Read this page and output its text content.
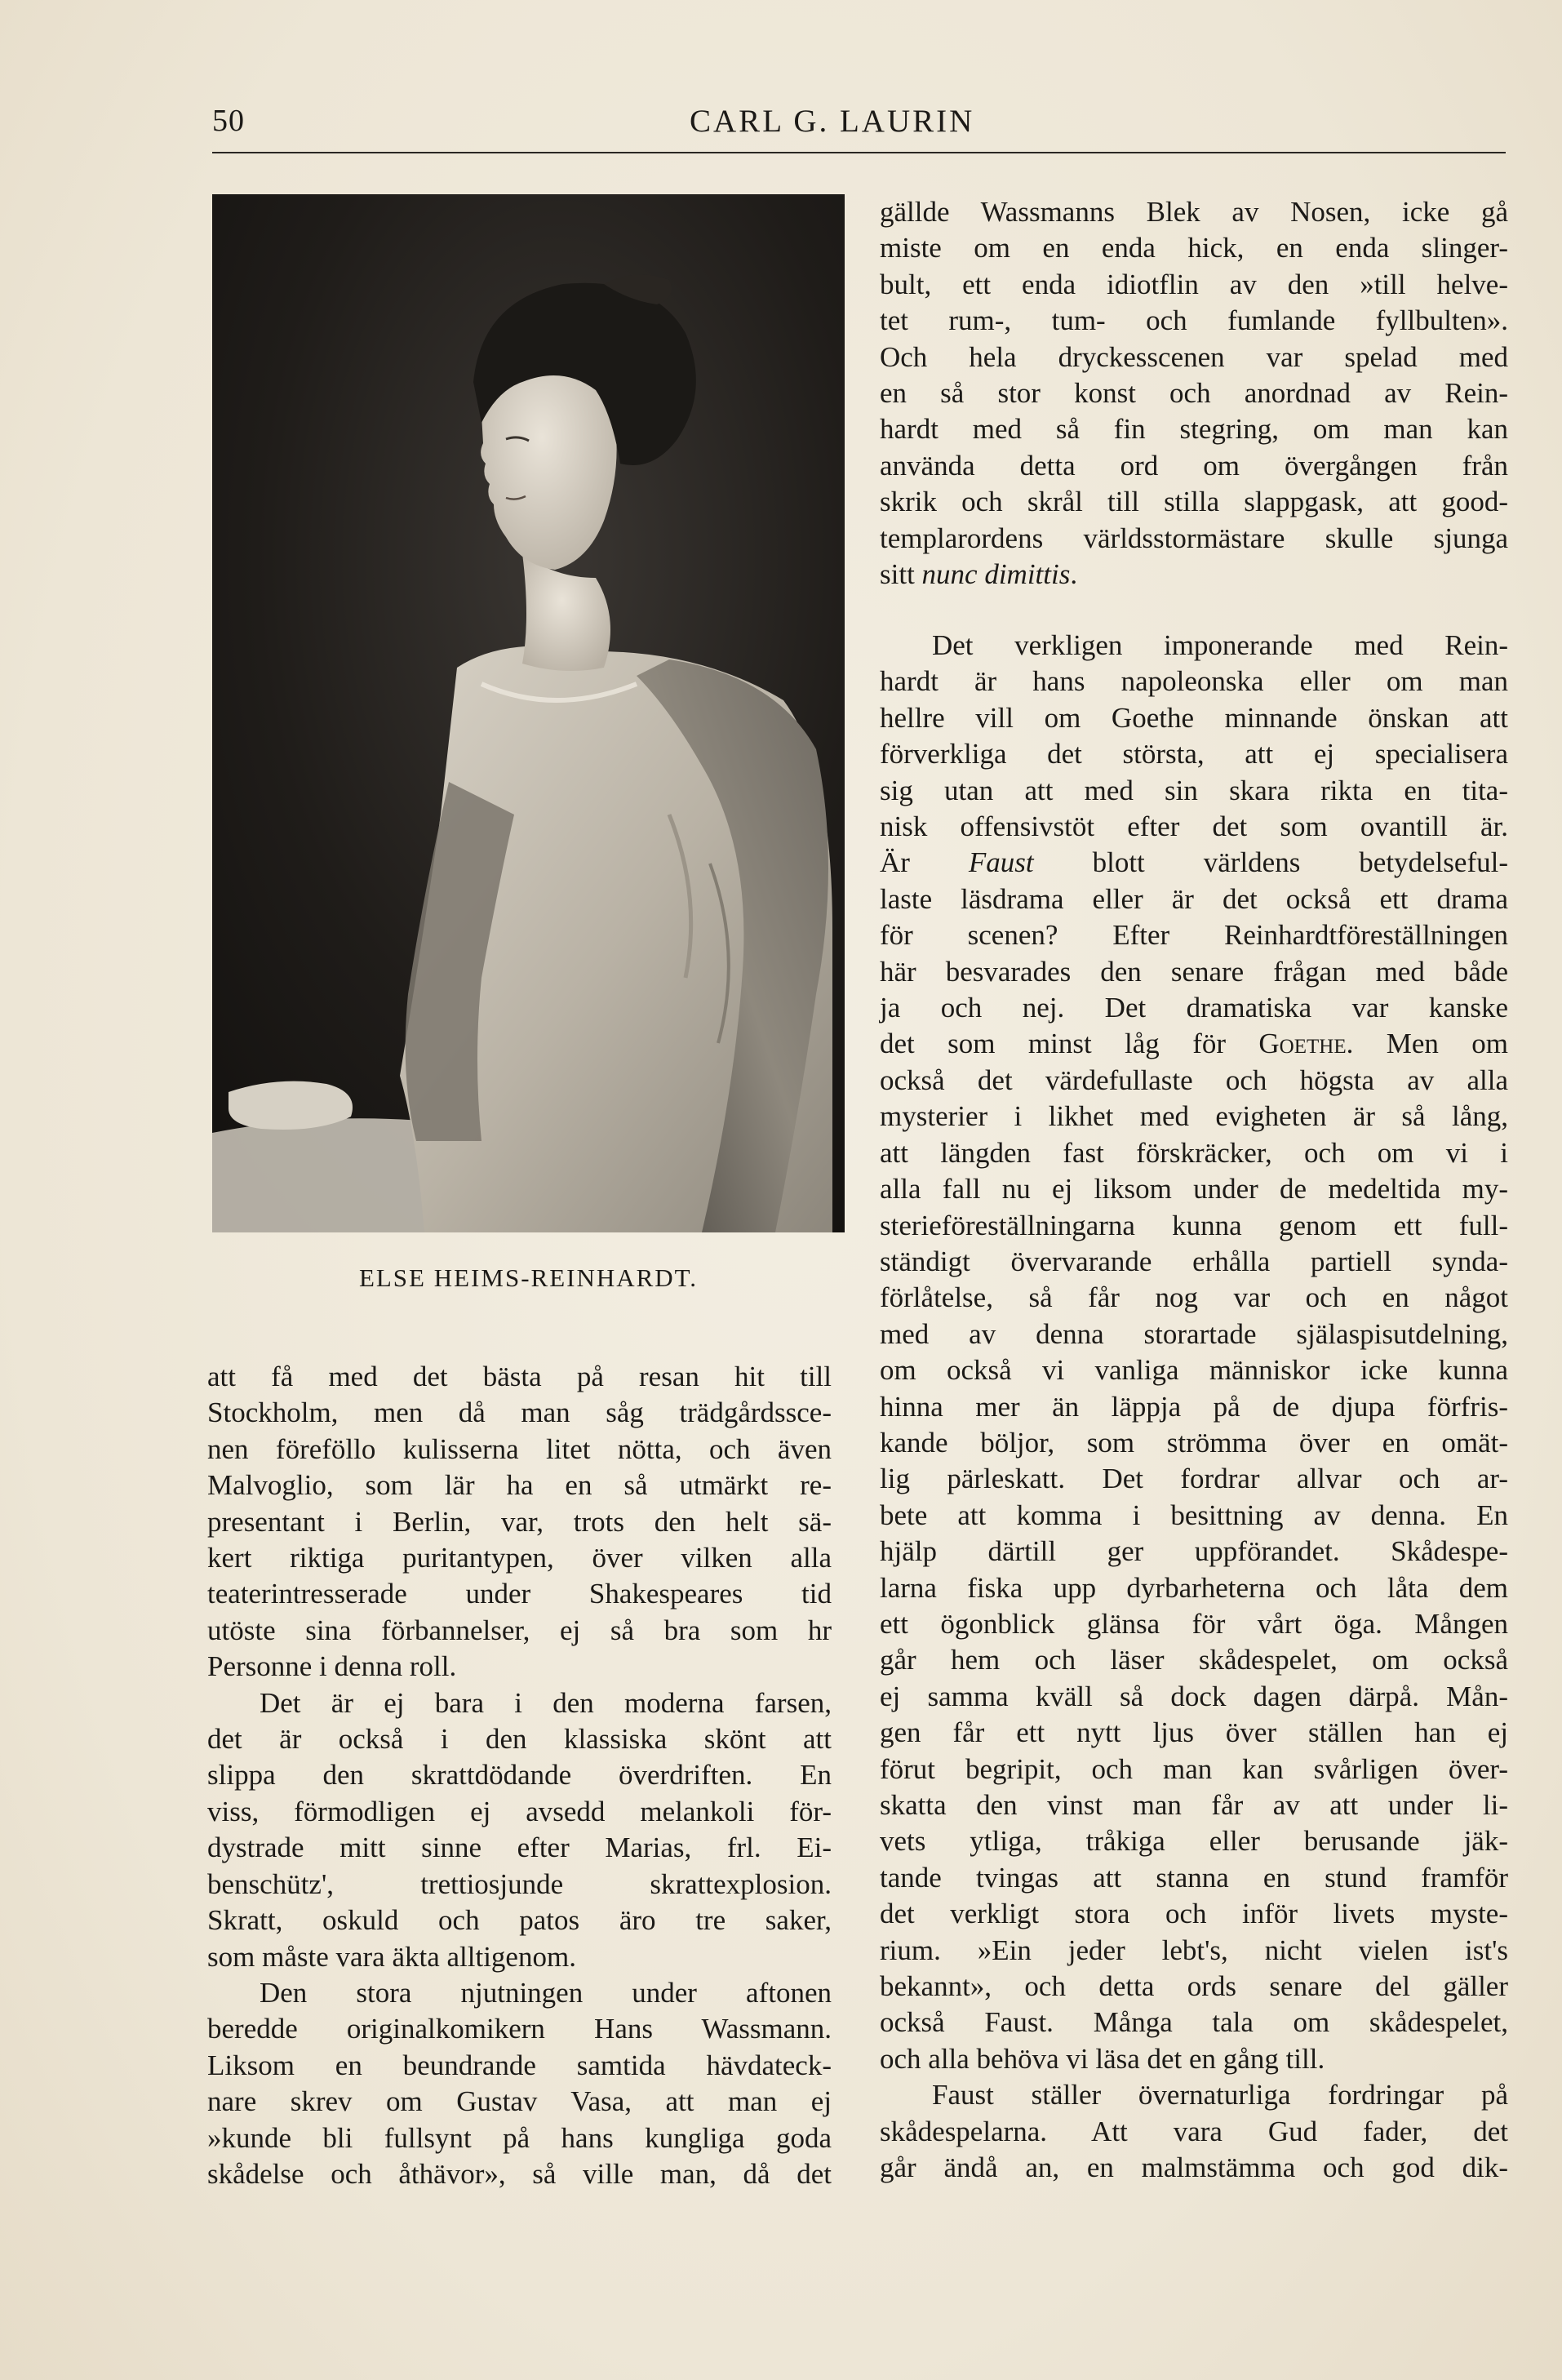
50	CARL G. LAURIN
ELSE HEIMS-REINHARDT.
gällde Wassmanns Blek av Nosen, icke gå
miste om en enda hick, en enda slinger-
bult, ett enda idiotflin av den »till helve-
tet rum-, tum- och fumlande fyllbulten».
Och hela dryckesscenen var spelad med
en så stor konst och anordnad av Rein-
hardt med så fin stegring, om man kan
använda detta ord om övergången från
skrik och skrål till stilla slappgask, att good-
templarordens världsstormästare skulle sjunga
sitt nunc dimittis.
Det verkligen imponerande med Rein-
hardt är hans napoleonska eller om man
hellre vill om Goethe minnande önskan att
förverkliga det största, att ej specialisera
sig utan att med sin skara rikta en tita-
nisk offensivstöt efter det som ovantill är.
Är Faust blott världens betydelseful-
laste läsdrama eller är det också ett drama
för scenen? Efter Reinhardtföreställningen
här besvarades den senare frågan med både
ja och nej. Det dramatiska var kanske
det som minst låg för Goethe. Men om
också det värdefullaste och högsta av alla
mysterier i likhet med evigheten är så lång,
att längden fast förskräcker, och om vi i
alla fall nu ej liksom under de medeltida my-
sterieföreställningarna kunna genom ett full-
ständigt övervarande erhålla partiell synda-
förlåtelse, så får nog var och en något
med av denna storartade själaspisutdelning,
om också vi vanliga människor icke kunna
hinna mer än läppja på de djupa förfris-
kande böljor, som strömma över en omät-
lig pärleskatt. Det fordrar allvar och ar-
bete att komma i besittning av denna. En
hjälp därtill ger uppförandet. Skådespe-
larna fiska upp dyrbarheterna och låta dem
ett ögonblick glänsa för vårt öga. Mången
går hem och läser skådespelet, om också
ej samma kväll så dock dagen därpå. Mån-
gen får ett nytt ljus över ställen han ej
förut begripit, och man kan svårligen över-
skatta den vinst man får av att under li-
vets ytliga, tråkiga eller berusande jäk-
tande tvingas att stanna en stund framför
det verkligt stora och inför livets myste-
rium. »Ein jeder lebt's, nicht vielen ist's
bekannt», och detta ords senare del gäller
också Faust. Många tala om skådespelet,
och alla behöva vi läsa det en gång till.
Faust ställer övernaturliga fordringar på
skådespelarna. Att vara Gud fader, det
går ändå an, en malmstämma och god dik-
att få med det bästa på resan hit till
Stockholm, men då man såg trädgårdssce-
nen föreföllo kulisserna litet nötta, och även
Malvoglio, som lär ha en så utmärkt re-
presentant i Berlin, var, trots den helt sä-
kert riktiga puritantypen, över vilken alla
teaterintresserade under Shakespeares tid
utöste sina förbannelser, ej så bra som hr
Personne i denna roll.
Det är ej bara i den moderna farsen,
det är också i den klassiska skönt att
slippa den skrattdödande överdriften. En
viss, förmodligen ej avsedd melankoli för-
dystrade mitt sinne efter Marias, frl. Ei-
benschütz', trettiosjunde skrattexplosion.
Skratt, oskuld och patos äro tre saker,
som måste vara äkta alltigenom.
Den stora njutningen under aftonen
beredde originalkomikern Hans Wassmann.
Liksom en beundrande samtida hävdateck-
nare skrev om Gustav Vasa, att man ej
»kunde bli fullsynt på hans kungliga goda
skådelse och åthävor», så ville man, då det
